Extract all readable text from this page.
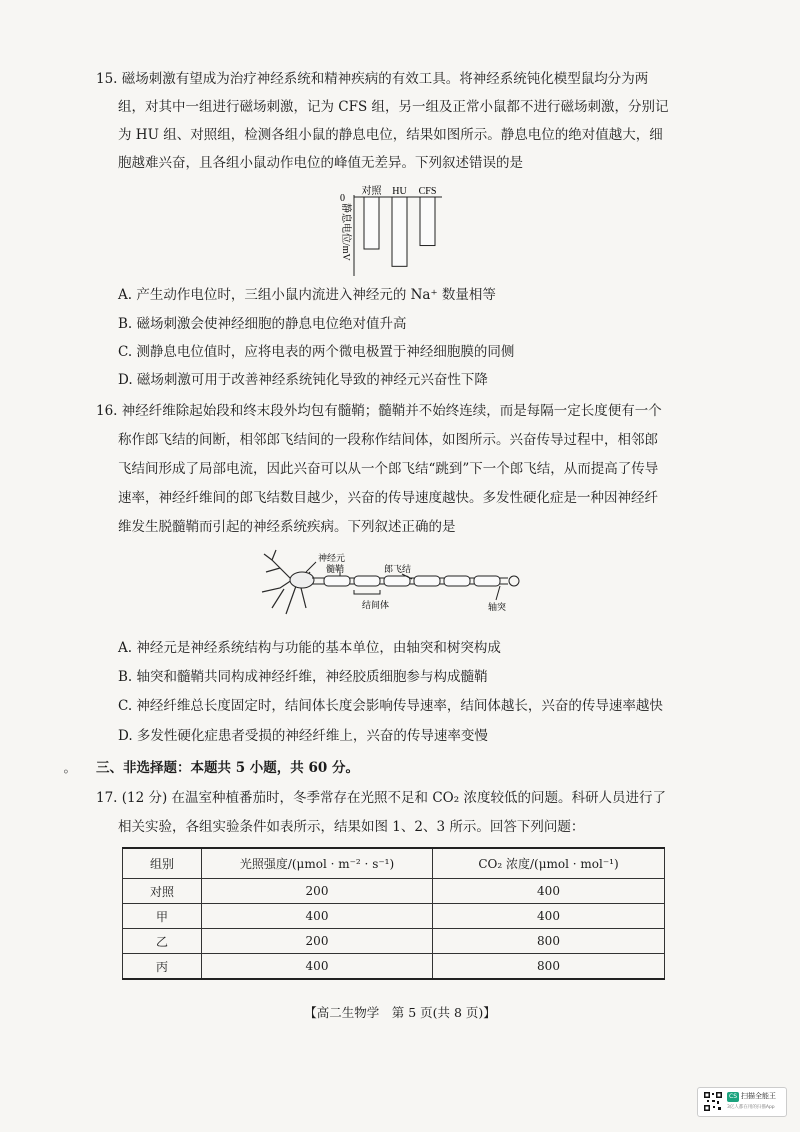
15. 磁场刺激有望成为治疗神经系统和精神疾病的有效工具。将神经系统钝化模型鼠均分为两
组，对其中一组进行磁场刺激，记为 CFS 组，另一组及正常小鼠都不进行磁场刺激，分别记
为 HU 组、对照组，检测各组小鼠的静息电位，结果如图所示。静息电位的绝对值越大，细
胞越难兴奋，且各组小鼠动作电位的峰值无差异。下列叙述错误的是
静息电位/mV
0
对照 HU CFS
A. 产生动作电位时，三组小鼠内流进入神经元的 Na⁺ 数量相等
B. 磁场刺激会使神经细胞的静息电位绝对值升高
C. 测静息电位值时，应将电表的两个微电极置于神经细胞膜的同侧
D. 磁场刺激可用于改善神经系统钝化导致的神经元兴奋性下降
16. 神经纤维除起始段和终末段外均包有髓鞘；髓鞘并不始终连续，而是每隔一定长度便有一个
称作郎飞结的间断，相邻郎飞结间的一段称作结间体，如图所示。兴奋传导过程中，相邻郎
飞结间形成了局部电流，因此兴奋可以从一个郎飞结“跳到”下一个郎飞结，从而提高了传导
速率，神经纤维间的郎飞结数目越少，兴奋的传导速度越快。多发性硬化症是一种因神经纤
维发生脱髓鞘而引起的神经系统疾病。下列叙述正确的是
神经元
髓鞘	郎飞结
结间体	轴突
A. 神经元是神经系统结构与功能的基本单位，由轴突和树突构成
B. 轴突和髓鞘共同构成神经纤维，神经胶质细胞参与构成髓鞘
C. 神经纤维总长度固定时，结间体长度会影响传导速率，结间体越长，兴奋的传导速率越快
D. 多发性硬化症患者受损的神经纤维上，兴奋的传导速率变慢
⸰ 三、非选择题：本题共 5 小题，共 60 分。
17. (12 分) 在温室种植番茄时，冬季常存在光照不足和 CO₂ 浓度较低的问题。科研人员进行了
相关实验，各组实验条件如表所示，结果如图 1、2、3 所示。回答下列问题：
组别	光照强度/(μmol · m⁻² · s⁻¹)	CO₂ 浓度/(μmol · mol⁻¹)
对照	200	400
甲	400	400
乙	200	800
丙	400	800
【高二生物学　第 5 页(共 8 页)】
CS 扫描全能王
3亿人都在用的扫描App
